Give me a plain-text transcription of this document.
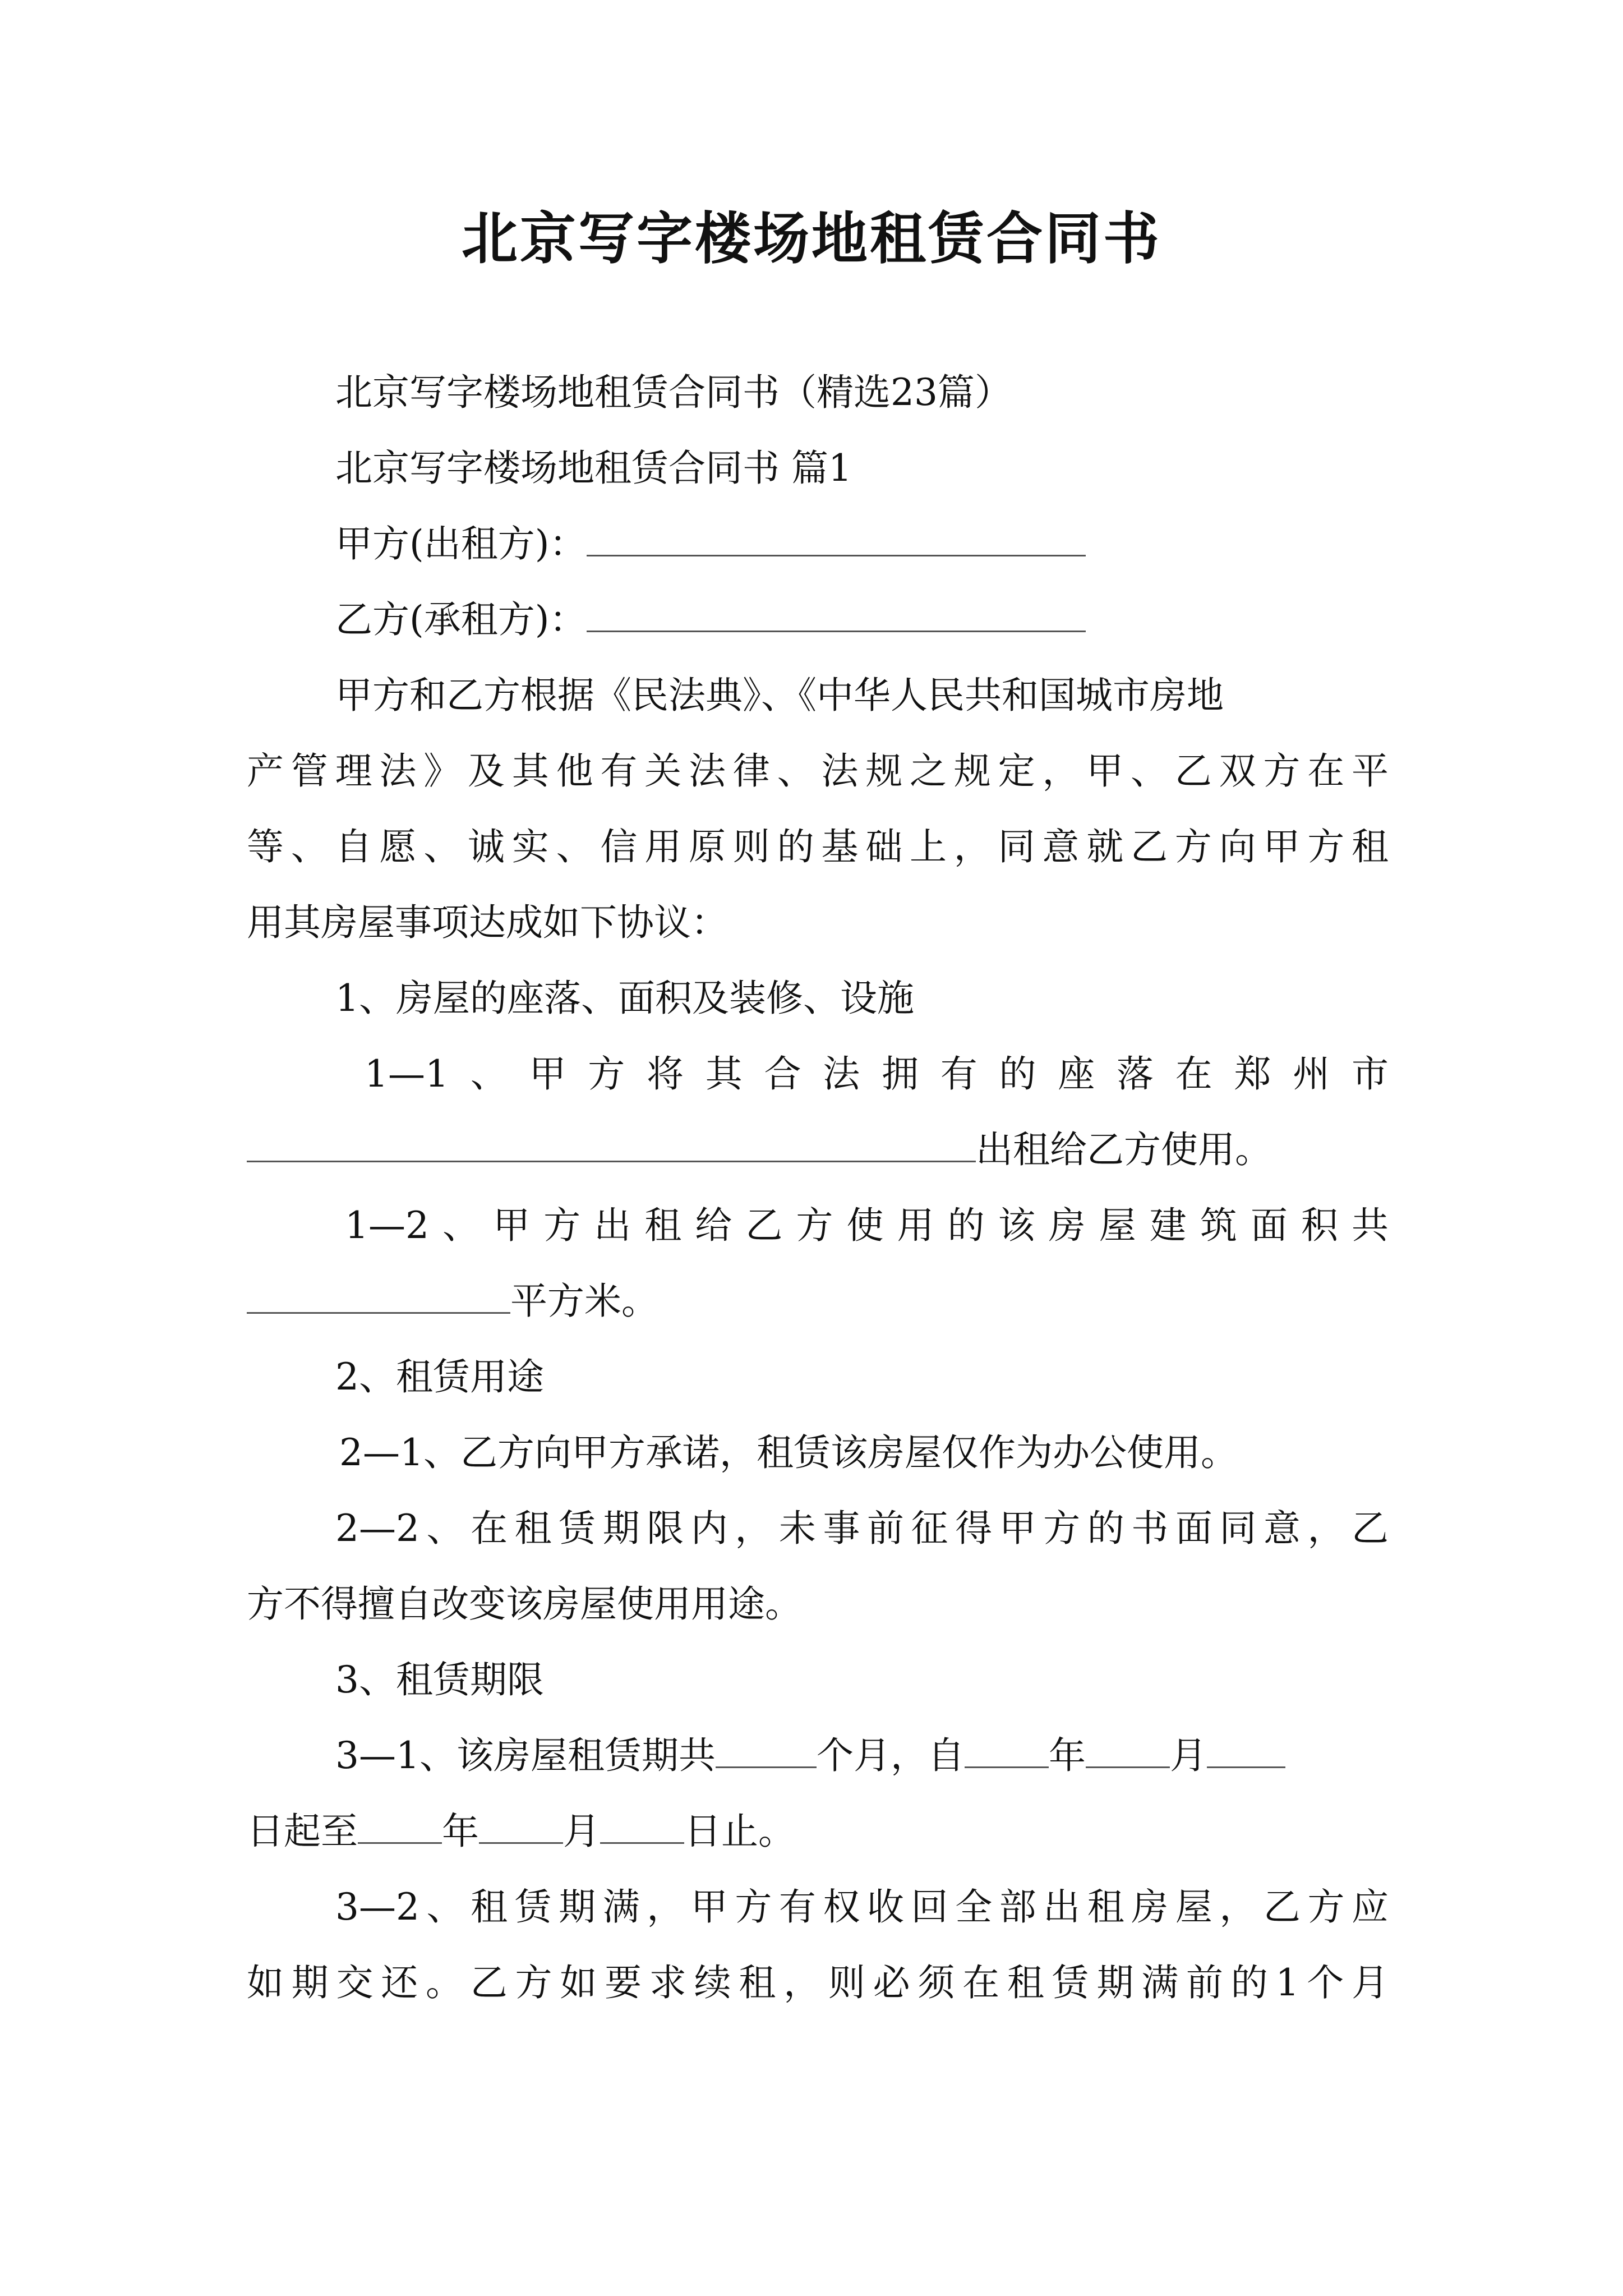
北京写字楼场地租赁合同书
北京写字楼场地租赁合同书（精选23篇）
北京写字楼场地租赁合同书 篇1
甲方(出租方)：
乙方(承租方)：
甲方和乙方根据《民法典》、《中华人民共和国城市房地
产管理法》及其他有关法律、法规之规定，甲、乙双方在平
等、自愿、诚实、信用原则的基础上，同意就乙方向甲方租
用其房屋事项达成如下协议：
1、房屋的座落、面积及装修、设施
1—1、甲方将其合法拥有的座落在郑州市
出租给乙方使用。
1—2、甲方出租给乙方使用的该房屋建筑面积共
平方米。
2、租赁用途
2—1、乙方向甲方承诺，租赁该房屋仅作为办公使用。
2—2、在租赁期限内，未事前征得甲方的书面同意，乙
方不得擅自改变该房屋使用用途。
3、租赁期限
3—1、该房屋租赁期共	个月，自 年 月
日起至 年 月 日止。
3—2、租赁期满，甲方有权收回全部出租房屋，乙方应
如期交还。乙方如要求续租，则必须在租赁期满前的1个月
